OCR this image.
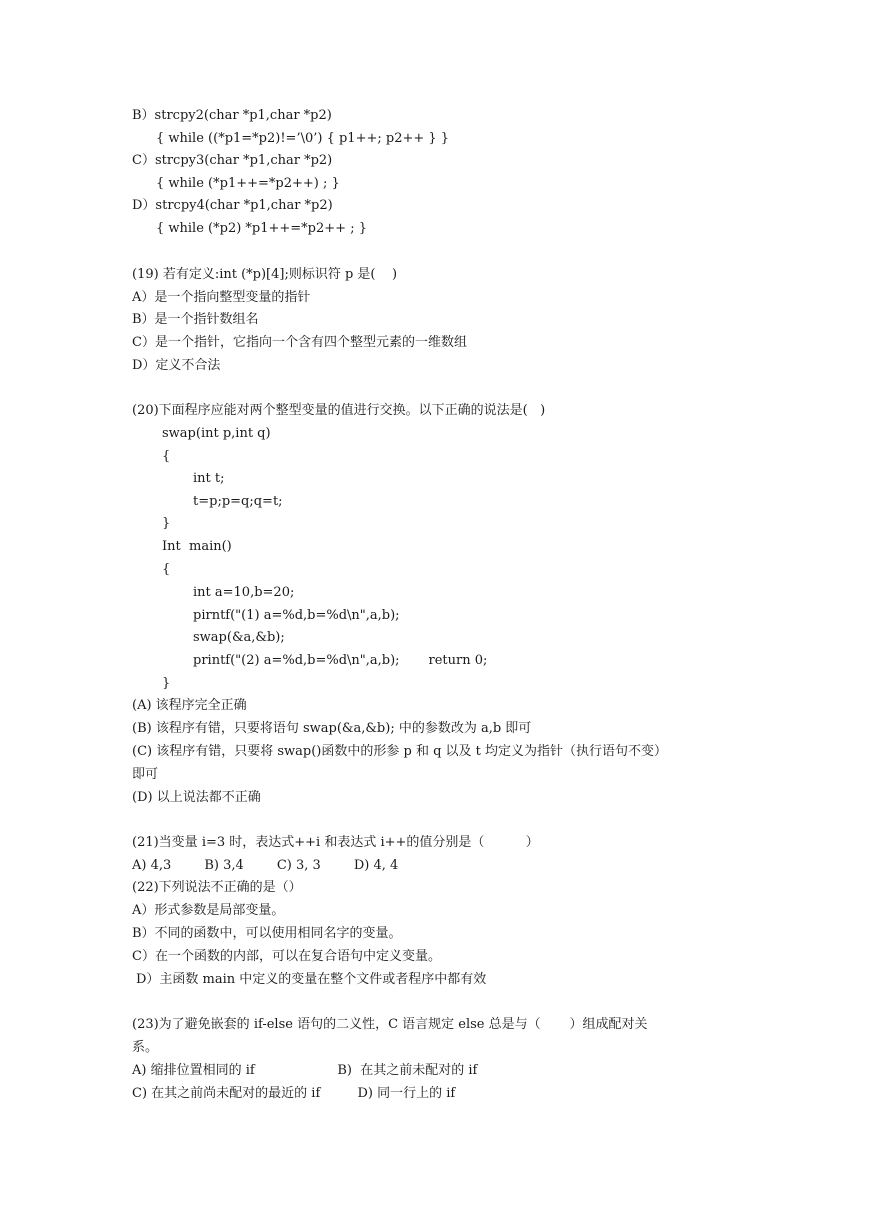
B）strcpy2(char *p1,char *p2)
{ while ((*p1=*p2)!=’\0’) { p1++; p2++ } }
C）strcpy3(char *p1,char *p2)
{ while (*p1++=*p2++) ; }
D）strcpy4(char *p1,char *p2)
{ while (*p2) *p1++=*p2++ ; }
(19) 若有定义:int (*p)[4];则标识符 p 是(    )
A）是一个指向整型变量的指针
B）是一个指针数组名
C）是一个指针，它指向一个含有四个整型元素的一维数组
D）定义不合法
(20)下面程序应能对两个整型变量的值进行交换。以下正确的说法是(   )
swap(int p,int q)
{
int t;
t=p;p=q;q=t;
}
Int  main()
{
int a=10,b=20;
pirntf("(1) a=%d,b=%d\n",a,b);
swap(&a,&b);
printf("(2) a=%d,b=%d\n",a,b);       return 0;
}
(A) 该程序完全正确
(B) 该程序有错，只要将语句 swap(&a,&b); 中的参数改为 a,b 即可
(C) 该程序有错，只要将 swap()函数中的形参 p 和 q 以及 t 均定义为指针（执行语句不变）
即可
(D) 以上说法都不正确
(21)当变量 i=3 时，表达式++i 和表达式 i++的值分别是（          ）
A) 4,3        B) 3,4        C) 3, 3        D) 4, 4
(22)下列说法不正确的是（）
A）形式参数是局部变量。
B）不同的函数中，可以使用相同名字的变量。
C）在一个函数的内部，可以在复合语句中定义变量。
D）主函数 main 中定义的变量在整个文件或者程序中都有效
(23)为了避免嵌套的 if-else 语句的二义性，C 语言规定 else 总是与（       ）组成配对关
系。
A) 缩排位置相同的 if                    B)  在其之前未配对的 if
C) 在其之前尚未配对的最近的 if         D) 同一行上的 if
